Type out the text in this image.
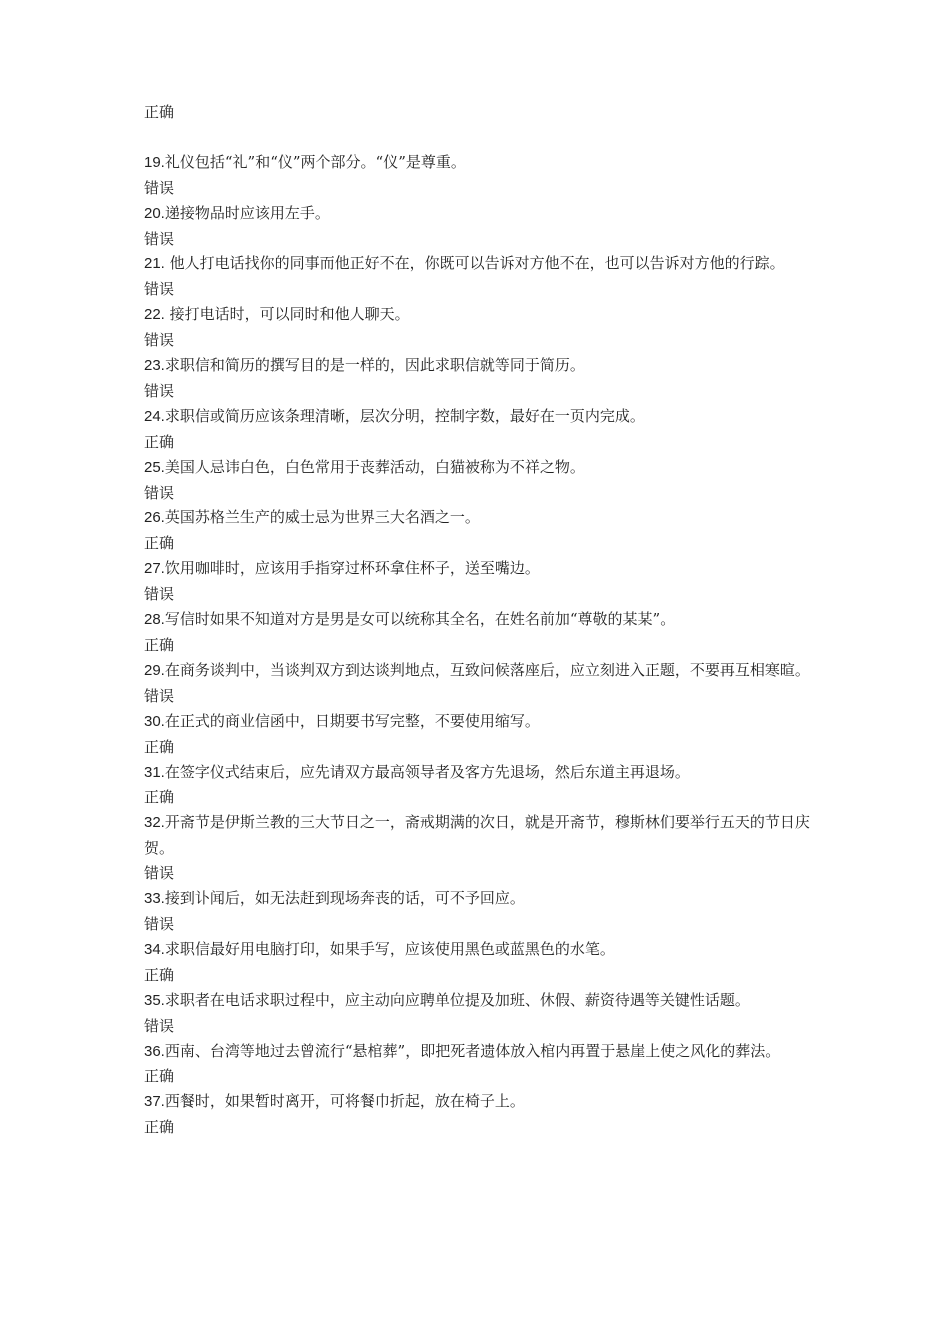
正确

19.礼仪包括“礼”和“仪”两个部分。“仪”是尊重。

错误

20.递接物品时应该用左手。

错误

21. 他人打电话找你的同事而他正好不在，你既可以告诉对方他不在，也可以告诉对方他的行踪。

错误

22. 接打电话时，可以同时和他人聊天。

错误

23.求职信和简历的撰写目的是一样的，因此求职信就等同于简历。

错误

24.求职信或简历应该条理清晰，层次分明，控制字数，最好在一页内完成。

正确

25.美国人忌讳白色，白色常用于丧葬活动，白猫被称为不祥之物。

错误

26.英国苏格兰生产的威士忌为世界三大名酒之一。

正确

27.饮用咖啡时，应该用手指穿过杯环拿住杯子，送至嘴边。

错误

28.写信时如果不知道对方是男是女可以统称其全名，在姓名前加“尊敬的某某”。

正确

29.在商务谈判中，当谈判双方到达谈判地点，互致问候落座后，应立刻进入正题，不要再互相寒暄。

错误

30.在正式的商业信函中，日期要书写完整，不要使用缩写。

正确

31.在签字仪式结束后，应先请双方最高领导者及客方先退场，然后东道主再退场。

正确

32.开斋节是伊斯兰教的三大节日之一，斋戒期满的次日，就是开斋节，穆斯林们要举行五天的节日庆贺。

错误

33.接到讣闻后，如无法赶到现场奔丧的话，可不予回应。

错误

34.求职信最好用电脑打印，如果手写，应该使用黑色或蓝黑色的水笔。

正确

35.求职者在电话求职过程中，应主动向应聘单位提及加班、休假、薪资待遇等关键性话题。

错误

36.西南、台湾等地过去曾流行“悬棺葬”，即把死者遗体放入棺内再置于悬崖上使之风化的葬法。

正确

37.西餐时，如果暂时离开，可将餐巾折起，放在椅子上。

正确
